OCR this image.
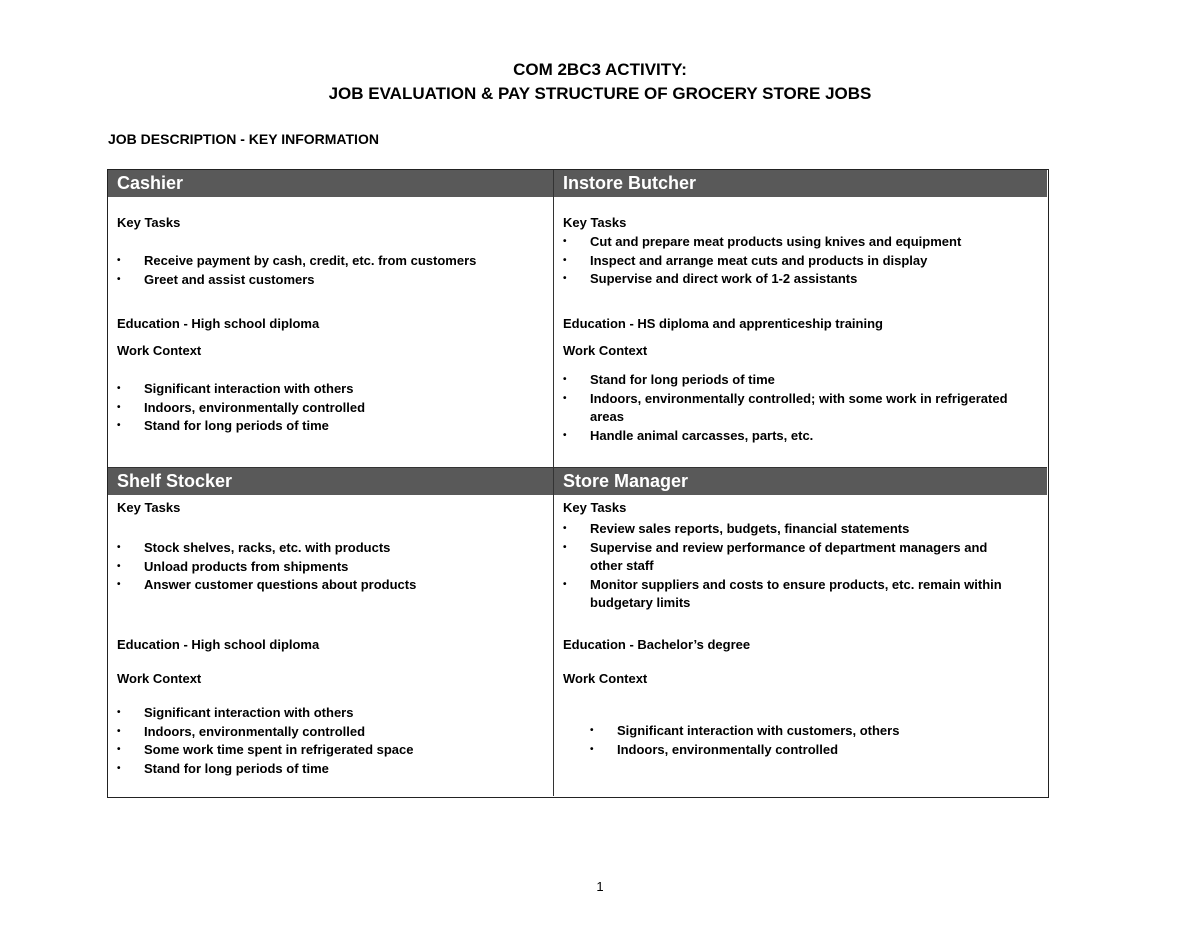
COM 2BC3 ACTIVITY:
JOB EVALUATION & PAY STRUCTURE OF GROCERY STORE JOBS
JOB DESCRIPTION - KEY INFORMATION
Cashier
Key Tasks
• Receive payment by cash, credit, etc. from customers
• Greet and assist customers
Education - High school diploma
Work Context
• Significant interaction with others
• Indoors, environmentally controlled
• Stand for long periods of time
Instore Butcher
Key Tasks
• Cut and prepare meat products using knives and equipment
• Inspect and arrange meat cuts and products in display
• Supervise and direct work of 1-2 assistants
Education - HS diploma and apprenticeship training
Work Context
• Stand for long periods of time
• Indoors, environmentally controlled; with some work in refrigerated areas
• Handle animal carcasses, parts, etc.
Shelf Stocker
Key Tasks
• Stock shelves, racks, etc. with products
• Unload products from shipments
• Answer customer questions about products
Education - High school diploma
Work Context
• Significant interaction with others
• Indoors, environmentally controlled
• Some work time spent in refrigerated space
• Stand for long periods of time
Store Manager
Key Tasks
• Review sales reports, budgets, financial statements
• Supervise and review performance of department managers and other staff
• Monitor suppliers and costs to ensure products, etc. remain within budgetary limits
Education - Bachelor’s degree
Work Context
• Significant interaction with customers, others
• Indoors, environmentally controlled
1
